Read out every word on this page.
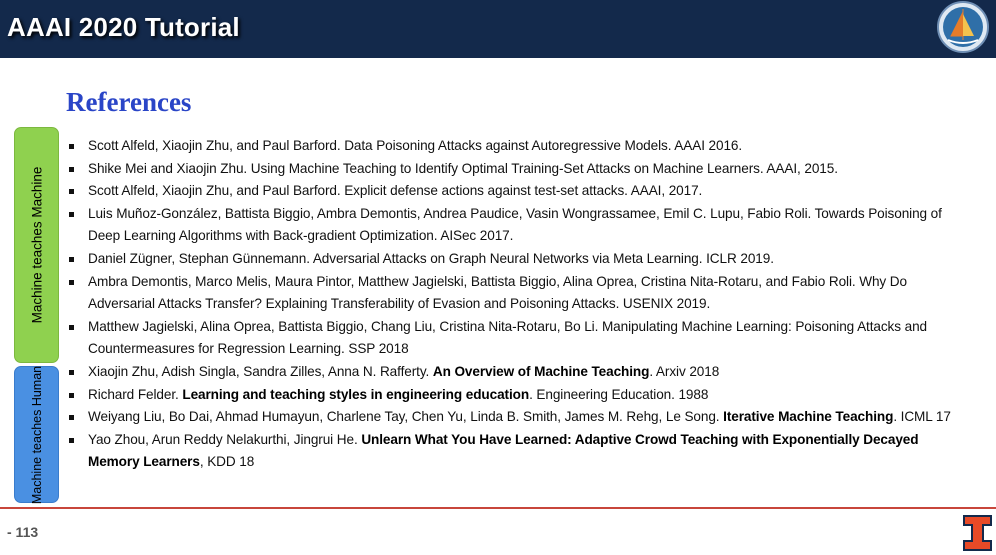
AAAI 2020 Tutorial
References
Machine teaches Machine
Machine teaches Human
Scott Alfeld, Xiaojin Zhu, and Paul Barford. Data Poisoning Attacks against Autoregressive Models. AAAI 2016.
Shike Mei and Xiaojin Zhu. Using Machine Teaching to Identify Optimal Training-Set Attacks on Machine Learners. AAAI, 2015.
Scott Alfeld, Xiaojin Zhu, and Paul Barford. Explicit defense actions against test-set attacks. AAAI, 2017.
Luis Muñoz-González, Battista Biggio, Ambra Demontis, Andrea Paudice, Vasin Wongrassamee, Emil C. Lupu, Fabio Roli. Towards Poisoning of Deep Learning Algorithms with Back-gradient Optimization. AISec 2017.
Daniel Zügner, Stephan Günnemann. Adversarial Attacks on Graph Neural Networks via Meta Learning. ICLR 2019.
Ambra Demontis, Marco Melis, Maura Pintor, Matthew Jagielski, Battista Biggio, Alina Oprea, Cristina Nita-Rotaru, and Fabio Roli. Why Do Adversarial Attacks Transfer? Explaining Transferability of Evasion and Poisoning Attacks. USENIX 2019.
Matthew Jagielski, Alina Oprea, Battista Biggio, Chang Liu, Cristina Nita-Rotaru, Bo Li. Manipulating Machine Learning: Poisoning Attacks and Countermeasures for Regression Learning. SSP 2018
Xiaojin Zhu, Adish Singla, Sandra Zilles, Anna N. Rafferty. An Overview of Machine Teaching. Arxiv 2018
Richard Felder. Learning and teaching styles in engineering education. Engineering Education. 1988
Weiyang Liu, Bo Dai, Ahmad Humayun, Charlene Tay, Chen Yu, Linda B. Smith, James M. Rehg, Le Song. Iterative Machine Teaching. ICML 17
Yao Zhou, Arun Reddy Nelakurthi, Jingrui He. Unlearn What You Have Learned: Adaptive Crowd Teaching with Exponentially Decayed Memory Learners, KDD 18
- 113
